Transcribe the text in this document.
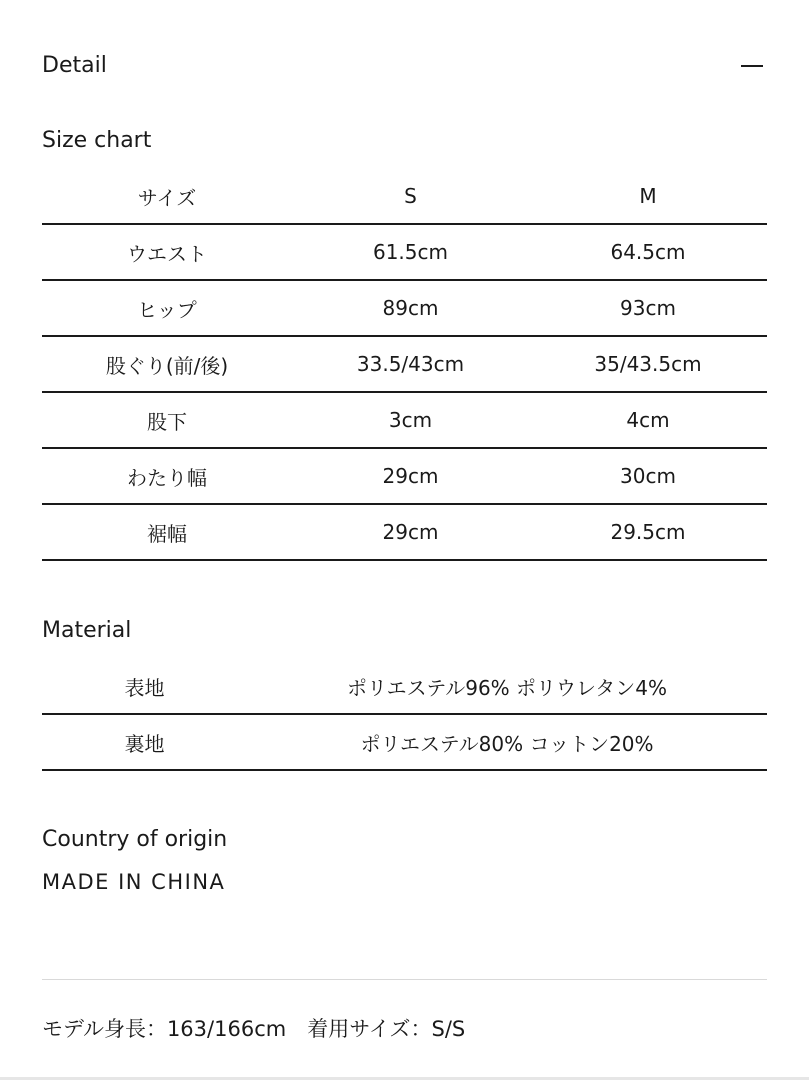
Detail
Size chart
サイズ	S	M
ウエスト	61.5cm	64.5cm
ヒップ	89cm	93cm
股ぐり(前/後)	33.5/43cm	35/43.5cm
股下	3cm	4cm
わたり幅	29cm	30cm
裾幅	29cm	29.5cm
Material
表地	ポリエステル96% ポリウレタン4%
裏地	ポリエステル80% コットン20%
Country of origin
MADE IN CHINA
モデル身長：163/166cm　着用サイズ：S/S
